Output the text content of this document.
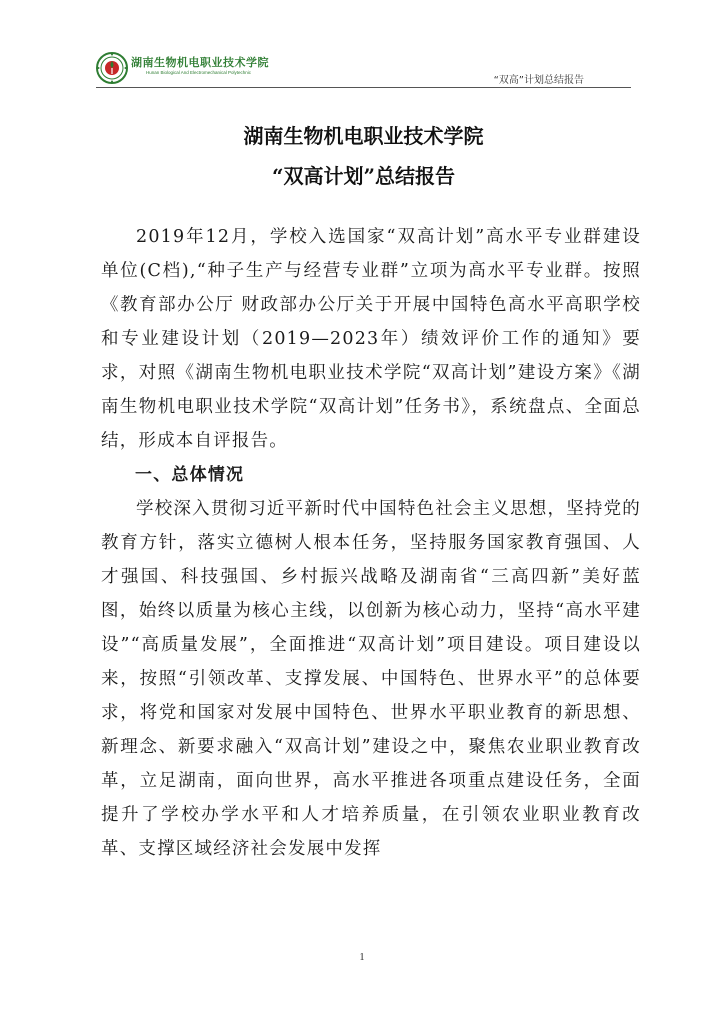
湖南生物机电职业技术学院
Hunan Biological And Electromechanical Polytechnic
“双高”计划总结报告
湖南生物机电职业技术学院
“双高计划”总结报告

2019年12月，学校入选国家“双高计划”高水平专业群建设单位(C档),“种子生产与经营专业群”立项为高水平专业群。按照《教育部办公厅 财政部办公厅关于开展中国特色高水平高职学校和专业建设计划（2019—2023年）绩效评价工作的通知》要求，对照《湖南生物机电职业技术学院“双高计划”建设方案》《湖南生物机电职业技术学院“双高计划”任务书》，系统盘点、全面总结，形成本自评报告。

一、总体情况

学校深入贯彻习近平新时代中国特色社会主义思想，坚持党的教育方针，落实立德树人根本任务，坚持服务国家教育强国、人才强国、科技强国、乡村振兴战略及湖南省“三高四新”美好蓝图，始终以质量为核心主线，以创新为核心动力，坚持“高水平建设”“高质量发展”，全面推进“双高计划”项目建设。项目建设以来，按照“引领改革、支撑发展、中国特色、世界水平”的总体要求，将党和国家对发展中国特色、世界水平职业教育的新思想、新理念、新要求融入“双高计划”建设之中，聚焦农业职业教育改革，立足湖南，面向世界，高水平推进各项重点建设任务，全面提升了学校办学水平和人才培养质量，在引领农业职业教育改革、支撑区域经济社会发展中发挥

1
